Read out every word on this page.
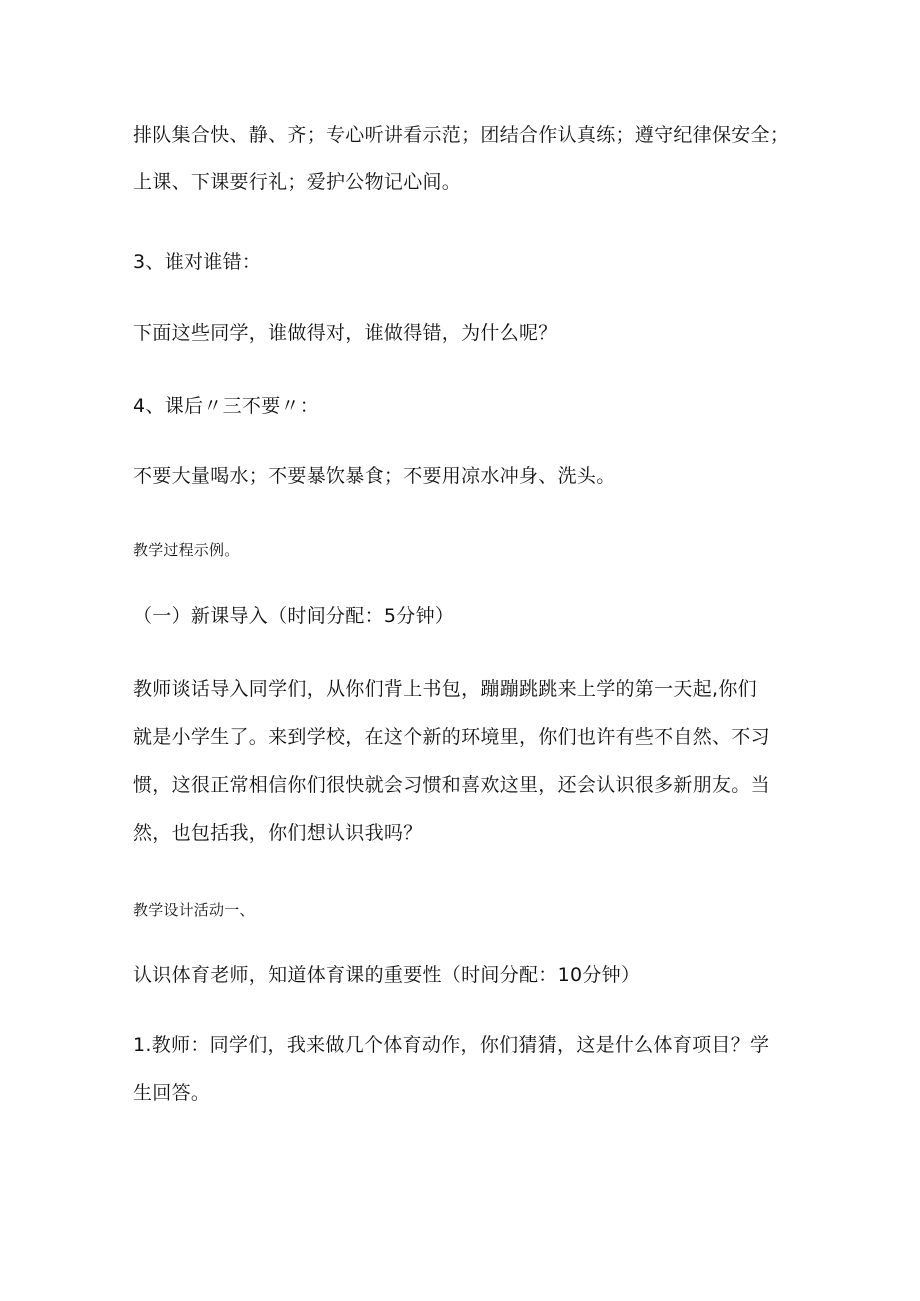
排队集合快、静、齐；专心听讲看示范；团结合作认真练；遵守纪律保安全；
上课、下课要行礼；爱护公物记心间。
3、谁对谁错：
下面这些同学，谁做得对，谁做得错，为什么呢？
4、课后〃三不要〃：
不要大量喝水；不要暴饮暴食；不要用凉水冲身、洗头。
教学过程示例。
（一）新课导入（时间分配：5分钟）
教师谈话导入同学们，从你们背上书包，蹦蹦跳跳来上学的第一天起,你们
就是小学生了。来到学校，在这个新的环境里，你们也许有些不自然、不习
惯，这很正常相信你们很快就会习惯和喜欢这里，还会认识很多新朋友。当
然，也包括我，你们想认识我吗？
教学设计活动一、
认识体育老师，知道体育课的重要性（时间分配：10分钟）
1.教师：同学们，我来做几个体育动作，你们猜猜，这是什么体育项目？学
生回答。
